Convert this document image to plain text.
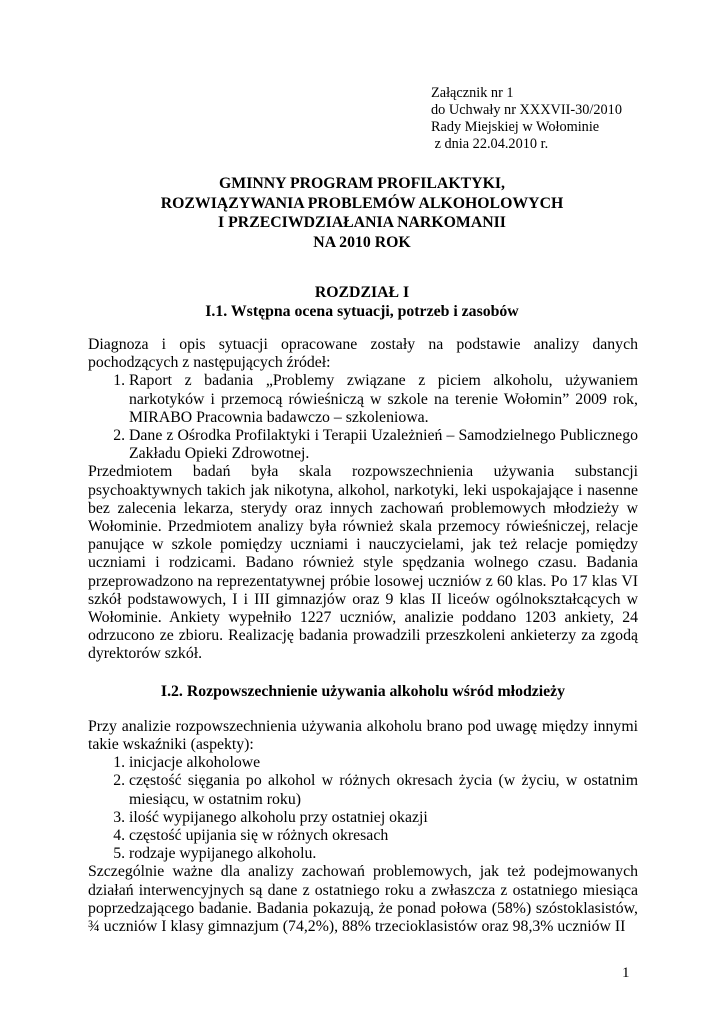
Załącznik nr 1
do Uchwały nr XXXVII-30/2010
Rady Miejskiej w Wołominie
z dnia 22.04.2010 r.
GMINNY PROGRAM PROFILAKTYKI,
ROZWIĄZYWANIA PROBLEMÓW ALKOHOLOWYCH
I PRZECIWDZIAŁANIA NARKOMANII
NA 2010 ROK
ROZDZIAŁ I
I.1. Wstępna ocena sytuacji, potrzeb i zasobów

Diagnoza i opis sytuacji opracowane zostały na podstawie analizy danych pochodzących z następujących źródeł:

1. Raport z badania „Problemy związane z piciem alkoholu, używaniem narkotyków i przemocą rówieśniczą w szkole na terenie Wołomin” 2009 rok, MIRABO Pracownia badawczo – szkoleniowa.
2. Dane z Ośrodka Profilaktyki i Terapii Uzależnień – Samodzielnego Publicznego Zakładu Opieki Zdrowotnej.

Przedmiotem badań była skala rozpowszechnienia używania substancji psychoaktywnych takich jak nikotyna, alkohol, narkotyki, leki uspokajające i nasenne bez zalecenia lekarza, sterydy oraz innych zachowań problemowych młodzieży w Wołominie. Przedmiotem analizy była również skala przemocy rówieśniczej, relacje panujące w szkole pomiędzy uczniami i nauczycielami, jak też relacje pomiędzy uczniami i rodzicami. Badano również style spędzania wolnego czasu. Badania przeprowadzono na reprezentatywnej próbie losowej uczniów z 60 klas. Po 17 klas VI szkół podstawowych, I i III gimnazjów oraz 9 klas II liceów ogólnokształcących w Wołominie. Ankiety wypełniło 1227 uczniów, analizie poddano 1203 ankiety, 24 odrzucono ze zbioru. Realizację badania prowadzili przeszkoleni ankieterzy za zgodą dyrektorów szkół.

I.2. Rozpowszechnienie używania alkoholu wśród młodzieży

Przy analizie rozpowszechnienia używania alkoholu brano pod uwagę między innymi takie wskaźniki (aspekty):

1. inicjacje alkoholowe
2. częstość sięgania po alkohol w różnych okresach życia (w życiu, w ostatnim miesiącu, w ostatnim roku)
3. ilość wypijanego alkoholu przy ostatniej okazji
4. częstość upijania się w różnych okresach
5. rodzaje wypijanego alkoholu.

Szczególnie ważne dla analizy zachowań problemowych, jak też podejmowanych działań interwencyjnych są dane z ostatniego roku a zwłaszcza z ostatniego miesiąca poprzedzającego badanie. Badania pokazują, że ponad połowa (58%) szóstoklasistów, ¾ uczniów I klasy gimnazjum (74,2%), 88% trzecioklasistów oraz 98,3% uczniów II

1
